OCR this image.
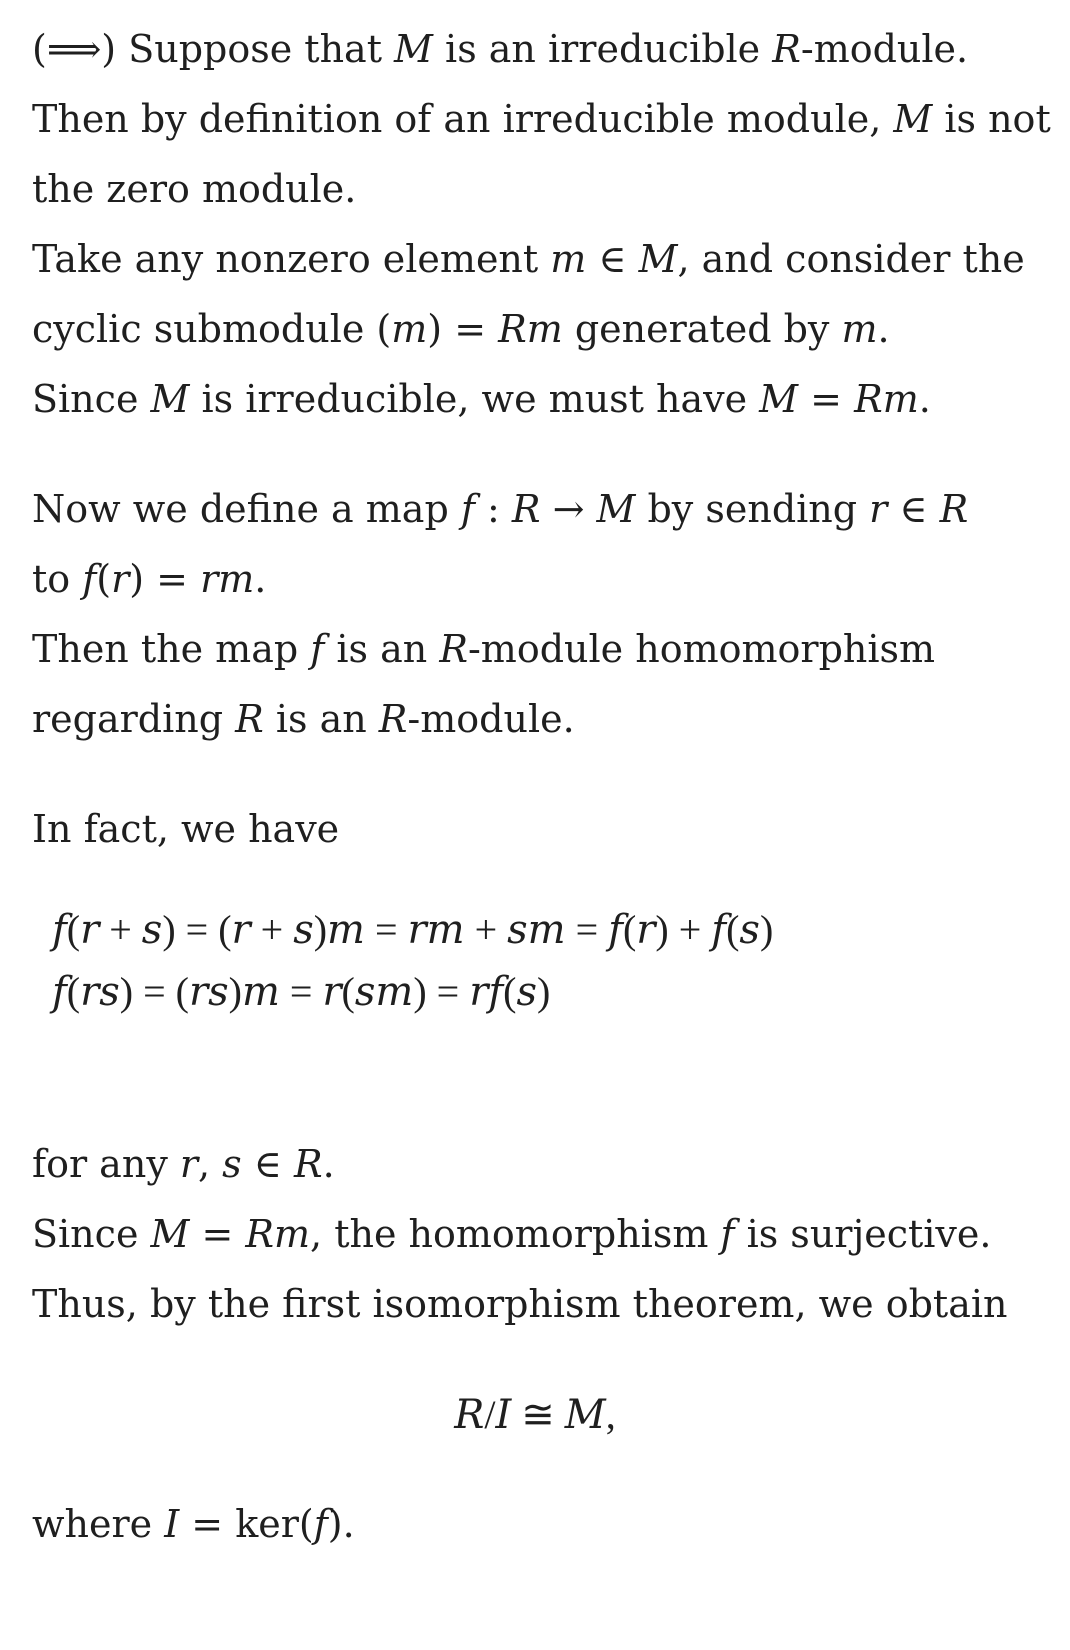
(⟹) Suppose that 𝑀 is an irreducible 𝑅-module.
Then by definition of an irreducible module, 𝑀 is not
the zero module.
Take any nonzero element 𝑚 ∈ 𝑀, and consider the
cyclic submodule (𝑚) = 𝑅𝑚 generated by 𝑚.
Since 𝑀 is irreducible, we must have 𝑀 = 𝑅𝑚.
Now we define a map 𝑓 : 𝑅 → 𝑀 by sending 𝑟 ∈ 𝑅
to 𝑓(𝑟) = 𝑟𝑚.
Then the map 𝑓 is an 𝑅-module homomorphism
regarding 𝑅 is an 𝑅-module.
In fact, we have
𝑓(𝑟 + 𝑠) = (𝑟 + 𝑠)𝑚 = 𝑟𝑚 + 𝑠𝑚 = 𝑓(𝑟) + 𝑓(𝑠)
𝑓(𝑟𝑠) = (𝑟𝑠)𝑚 = 𝑟(𝑠𝑚) = 𝑟𝑓(𝑠)
for any 𝑟, 𝑠 ∈ 𝑅.
Since 𝑀 = 𝑅𝑚, the homomorphism 𝑓 is surjective.
Thus, by the first isomorphism theorem, we obtain
𝑅/𝐼 ≅ 𝑀,
where 𝐼 = ker(𝑓).
